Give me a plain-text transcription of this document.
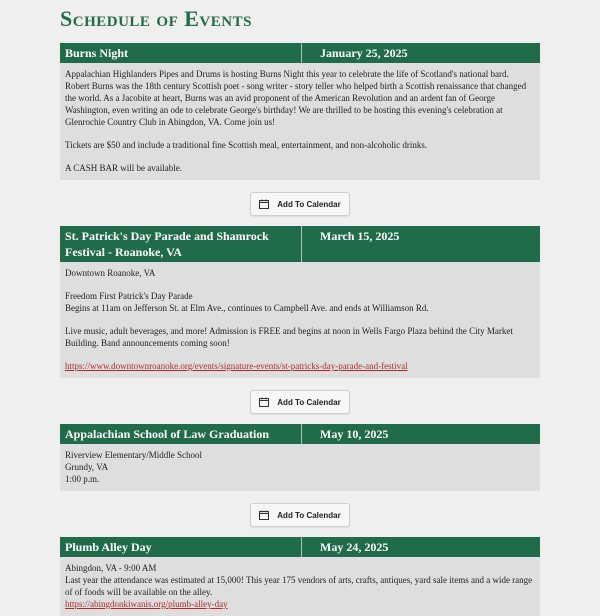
Schedule of Events
Burns Night	January 25, 2025

Appalachian Highlanders Pipes and Drums is hosting Burns Night this year to celebrate the life of Scotland's national bard. Robert Burns was the 18th century Scottish poet - song writer - story teller who helped birth a Scottish renaissance that changed the world. As a Jacobite at heart, Burns was an avid proponent of the American Revolution and an ardent fan of George Washington, even writing an ode to celebrate George's birthday! We are thrilled to be hosting this evening's celebration at Glenrochie Country Club in Abingdon, VA. Come join us!

Tickets are $50 and include a traditional fine Scottish meal, entertainment, and non-alcoholic drinks.

A CASH BAR will be available.

Add To Calendar
St. Patrick's Day Parade and Shamrock Festival - Roanoke, VA
March 15, 2025

Downtown Roanoke, VA

Freedom First Patrick's Day Parade

Begins at 11am on Jefferson St. at Elm Ave., continues to Campbell Ave. and ends at Williamson Rd.

Live music, adult beverages, and more! Admission is FREE and begins at noon in Wells Fargo Plaza behind the City Market Building. Band announcements coming soon!

https://www.downtownroanoke.org/events/signature-events/st-patricks-day-parade-and-festival

Add To Calendar
Appalachian School of Law Graduation	May 10, 2025

Riverview Elementary/Middle School

Grundy, VA

1:00 p.m.

Add To Calendar
Plumb Alley Day	May 24, 2025

Abingdon, VA - 9:00 AM

Last year the attendance was estimated at 15,000! This year 175 vendors of arts, crafts, antiques, yard sale items and a wide range of of foods will be available on the alley.

https://abingdonkiwanis.org/plumb-alley-day
